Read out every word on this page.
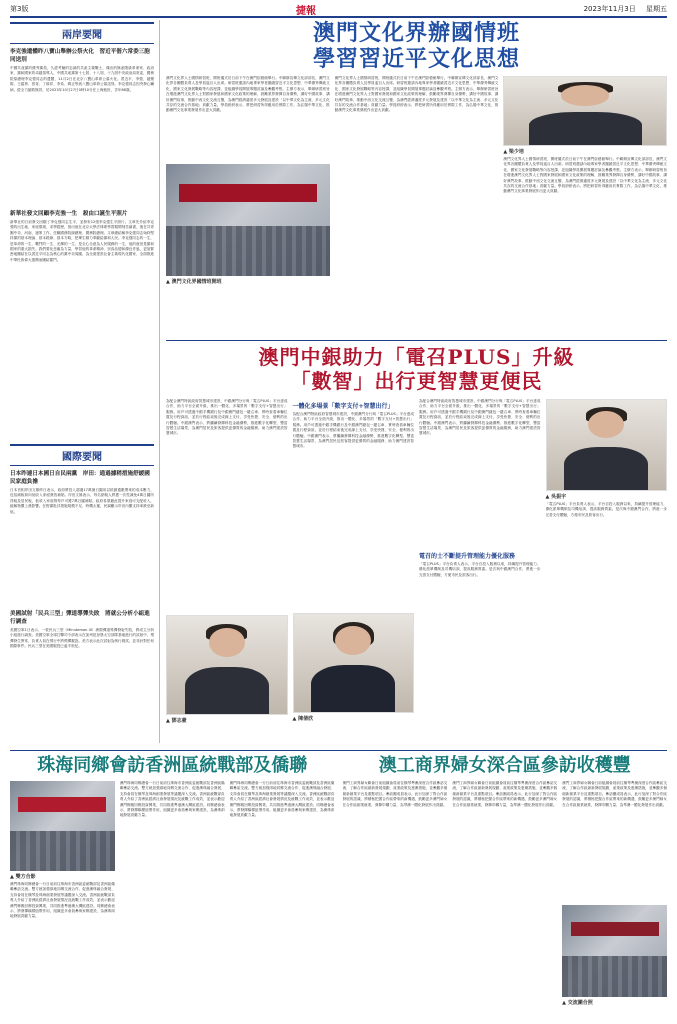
第3版	捷報	2023年11月3日 星期五
兩岸要聞
李克強遺體昨八寶山舉辦公祭火化　習近平偕六常委三胞同送別
中國共產黨的優秀黨員，久經考驗的忠誠的共產主義戰士，傑出的無產階級革命家、政治家，黨和國家的卓越領導人，中國共產黨第十七屆、十八屆、十九屆中央政治局常委，國務院原總理李克強同志的遺體，11月2日在北京八寶山革命公墓火化。習近平、李強、趙樂際、王滬寧、蔡奇、丁薛祥、李希、韓正等到八寶山革命公墓送別。李克強同志因突發心臟病，經全力搶救無效，於2023年10月27日0時10分在上海逝世，享年68歲。
新華社發文回顧李克強一生　殺由口誕生平照片
新華社的日前發文回顧了李克強同志生平，並發布12張李克強生平照片。文章先介紹李克強的出生地、家庭環境、求學經歷，指出他在北京大學法律系學習期間刻苦讀書，後在共青團中央、河南、遼寧工作，任職國務院副總理、國務院總理。文章總結稱李克強同志始終堅持黨的基本理論、基本路線、基本方略，把畢生精力奉獻給黨和人民。李克強同志的一生，是革命的一生、戰鬥的一生、光輝的一生，是全心全意為人民服務的一生，他的逝世是黨和國家的重大損失。我們要化悲痛為力量，學習他的革命精神、崇高品德和優良作風，更加緊密地團結在以習近平同志為核心的黨中央周圍，為全面建設社會主義現代化國家、全面推進中華民族偉大復興而團結奮鬥。
國際要聞
日本昨連日本國日自民兩黨　岸田：通過據稍措施舒緩國民家庭負擔
日本首相岸田文雄昨日表示，政府將投入超過17萬億日圓用以抵銷通脹帶來的成本壓力，包括減稅和向低收入家庭發放補貼。岸田文雄表示，每名納稅人將獲一次性減免4萬日圓所得稅及居民稅，低收入家庭則每戶可獲7萬日圓補貼。政府希望藉此提升家庭可支配收入，緩解物價上漲影響。在野黨批評措施規模不足、時機太遲，民調顯示岸田內閣支持率跌至新低。
美國試射「民兵三型」彈道導彈失敗　將就公分析小組進行調查
美國空軍1日表示，一枚民兵三型（Minuteman III）洲際彈道導彈發射失敗，將成立分析小組進行調查。美國空軍全球打擊司令部表示在加州范登堡太空部隊基地進行的試射中，飛彈發生異常，負責人員在飛行中將飛彈摧毀。美方表示此次試射為例行測試，並非針對任何國際事件。民兵三型在美國服役已逾半世紀。
澳門文化界辦國情班
學習習近平文化思想
澳門文化界人士國情研習班，開班儀式於日前下午在澳門綜藝館舉行。中聯辦宣傳文化部部長、澳門文化界各團體負責人及學員逾百人出席。研習班邀請內地專家學者圍繞習近平文化思想、中華優秀傳統文化、國家文化發展戰略等內容授課，並組織學員開展專題討論及參觀考察。主辦方表示，舉辦研習班旨在增進澳門文化界人士對國家發展和國家文化政策的理解，鼓勵業界發揮自身優勢，講好中國故事、講好澳門故事，推動中西文化交流互鑒，為澳門經濟適度多元發展及建設「以中華文化為主流、多元文化共存的交流合作基地」貢獻力量。學員紛紛表示，將把研習所得應用於實際工作，為弘揚中華文化、推動澳門文化事業發展作出更大貢獻。
▲ 澳門文化界國情班開班
澳門文化界人士國情研習班，開班儀式於日前下午在澳門綜藝館舉行。中聯辦宣傳文化部部長、澳門文化界各團體負責人及學員逾百人出席。研習班邀請內地專家學者圍繞習近平文化思想、中華優秀傳統文化、國家文化發展戰略等內容授課，並組織學員開展專題討論及參觀考察。主辦方表示，舉辦研習班旨在增進澳門文化界人士對國家發展和國家文化政策的理解，鼓勵業界發揮自身優勢，講好中國故事、講好澳門故事，推動中西文化交流互鑒，為澳門經濟適度多元發展及建設「以中華文化為主流、多元文化共存的交流合作基地」貢獻力量。學員紛紛表示，將把研習所得應用於實際工作，為弘揚中華文化、推動澳門文化事業發展作出更大貢獻。
▲ 梁少培
澳門文化界人士國情研習班，開班儀式於日前下午在澳門綜藝館舉行。中聯辦宣傳文化部部長、澳門文化界各團體負責人及學員逾百人出席。研習班邀請內地專家學者圍繞習近平文化思想、中華優秀傳統文化、國家文化發展戰略等內容授課，並組織學員開展專題討論及參觀考察。主辦方表示，舉辦研習班旨在增進澳門文化界人士對國家發展和國家文化政策的理解，鼓勵業界發揮自身優勢，講好中國故事、講好澳門故事，推動中西文化交流互鑒，為澳門經濟適度多元發展及建設「以中華文化為主流、多元文化共存的交流合作基地」貢獻力量。學員紛紛表示，將把研習所得應用於實際工作，為弘揚中華文化、推動澳門文化事業發展作出更大貢獻。
澳門中銀助力「電召PLUS」升級
「數智」出行更智慧更便民
為配合澳門特區政府智慧城市建設，中銀澳門分行與「電召PLUS」平台達成合作，助力平台全面升級，推出一體化、多場景的「數字支付+智慧出行」服務。用戶可透過中銀手機銀行及中銀澳門錢包一鍵召車、實時查看車輛位置及行程資訊，並於行程結束後完成線上支付，享受快捷、安全、便利的出行體驗。中銀澳門表示，將繼續發揮科技金融優勢，推進數字化轉型，豐富智慧生活場景，為澳門居民及旅客提供更優質的金融服務，助力澳門建設智慧城市。
▲ 鄧志豪
一體化多場景「數字支付+智慧出行」
為配合澳門特區政府智慧城市建設，中銀澳門分行與「電召PLUS」平台達成合作，助力平台全面升級，推出一體化、多場景的「數字支付+智慧出行」服務。用戶可透過中銀手機銀行及中銀澳門錢包一鍵召車、實時查看車輛位置及行程資訊，並於行程結束後完成線上支付，享受快捷、安全、便利的出行體驗。中銀澳門表示，將繼續發揮科技金融優勢，推進數字化轉型，豐富智慧生活場景，為澳門居民及旅客提供更優質的金融服務，助力澳門建設智慧城市。
▲ 陳倩欣
為配合澳門特區政府智慧城市建設，中銀澳門分行與「電召PLUS」平台達成合作，助力平台全面升級，推出一體化、多場景的「數字支付+智慧出行」服務。用戶可透過中銀手機銀行及中銀澳門錢包一鍵召車、實時查看車輛位置及行程資訊，並於行程結束後完成線上支付，享受快捷、安全、便利的出行體驗。中銀澳門表示，將繼續發揮科技金融優勢，推進數字化轉型，豐富智慧生活場景，為澳門居民及旅客提供更優質的金融服務，助力澳門建設智慧城市。
電召的士不斷提升管理能力優化服務
「電召PLUS」平台負責人表示，平台自投入服務以來，持續提升管理能力，優化派單機制及司機培訓，提高服務質素。是次與中銀澳門合作，將進一步完善支付體驗，方便市民及旅客出行。
▲ 吳振宇
「電召PLUS」平台負責人表示，平台自投入服務以來，持續提升管理能力，優化派單機制及司機培訓，提高服務質素。是次與中銀澳門合作，將進一步完善支付體驗，方便市民及旅客出行。
珠海同鄉會訪香洲區統戰部及僑聯
▲ 雙方合影
澳門珠海同鄉總會一行日前前往珠海市香洲區委統戰部及香洲區僑聯參訪交流。雙方就加強兩地同鄉交流合作、促進澳珠融合發展、支持會員在橫琴及珠海創業發展等議題深入交流。香洲區統戰部負責人介紹了香洲區經濟社會發展情況及統戰工作成效，並表示歡迎澳門鄉親回鄉投資興業，共同推進粵港澳大灣區建設。同鄉總會表示，將發揮橋樑紐帶作用，組織更多會員參與家鄉建設，為澳珠兩地發展貢獻力量。
澳門珠海同鄉總會一行日前前往珠海市香洲區委統戰部及香洲區僑聯參訪交流。雙方就加強兩地同鄉交流合作、促進澳珠融合發展、支持會員在橫琴及珠海創業發展等議題深入交流。香洲區統戰部負責人介紹了香洲區經濟社會發展情況及統戰工作成效，並表示歡迎澳門鄉親回鄉投資興業，共同推進粵港澳大灣區建設。同鄉總會表示，將發揮橋樑紐帶作用，組織更多會員參與家鄉建設，為澳珠兩地發展貢獻力量。
澳門珠海同鄉總會一行日前前往珠海市香洲區委統戰部及香洲區僑聯參訪交流。雙方就加強兩地同鄉交流合作、促進澳珠融合發展、支持會員在橫琴及珠海創業發展等議題深入交流。香洲區統戰部負責人介紹了香洲區經濟社會發展情況及統戰工作成效，並表示歡迎澳門鄉親回鄉投資興業，共同推進粵港澳大灣區建設。同鄉總會表示，將發揮橋樑紐帶作用，組織更多會員參與家鄉建設，為澳珠兩地發展貢獻力量。
澳工商界婦女深合區參訪收穫豐
澳門工商界婦女聯會日前組織會員前往橫琴粵澳深度合作區參訪交流，了解合作區最新發展規劃、產業政策及惠澳措施，並參觀多個創新創業平台及重點項目。參訪團成員表示，此行加深了對合作區發展的認識，將積極把握合作區帶來的新機遇，鼓勵更多澳門婦女在合作區創業就業，發揮巾幗力量，為琴澳一體化發展作出貢獻。
澳門工商界婦女聯會日前組織會員前往橫琴粵澳深度合作區參訪交流，了解合作區最新發展規劃、產業政策及惠澳措施，並參觀多個創新創業平台及重點項目。參訪團成員表示，此行加深了對合作區發展的認識，將積極把握合作區帶來的新機遇，鼓勵更多澳門婦女在合作區創業就業，發揮巾幗力量，為琴澳一體化發展作出貢獻。
澳門工商界婦女聯會日前組織會員前往橫琴粵澳深度合作區參訪交流，了解合作區最新發展規劃、產業政策及惠澳措施，並參觀多個創新創業平台及重點項目。參訪團成員表示，此行加深了對合作區發展的認識，將積極把握合作區帶來的新機遇，鼓勵更多澳門婦女在合作區創業就業，發揮巾幗力量，為琴澳一體化發展作出貢獻。
▲ 交流團合照
